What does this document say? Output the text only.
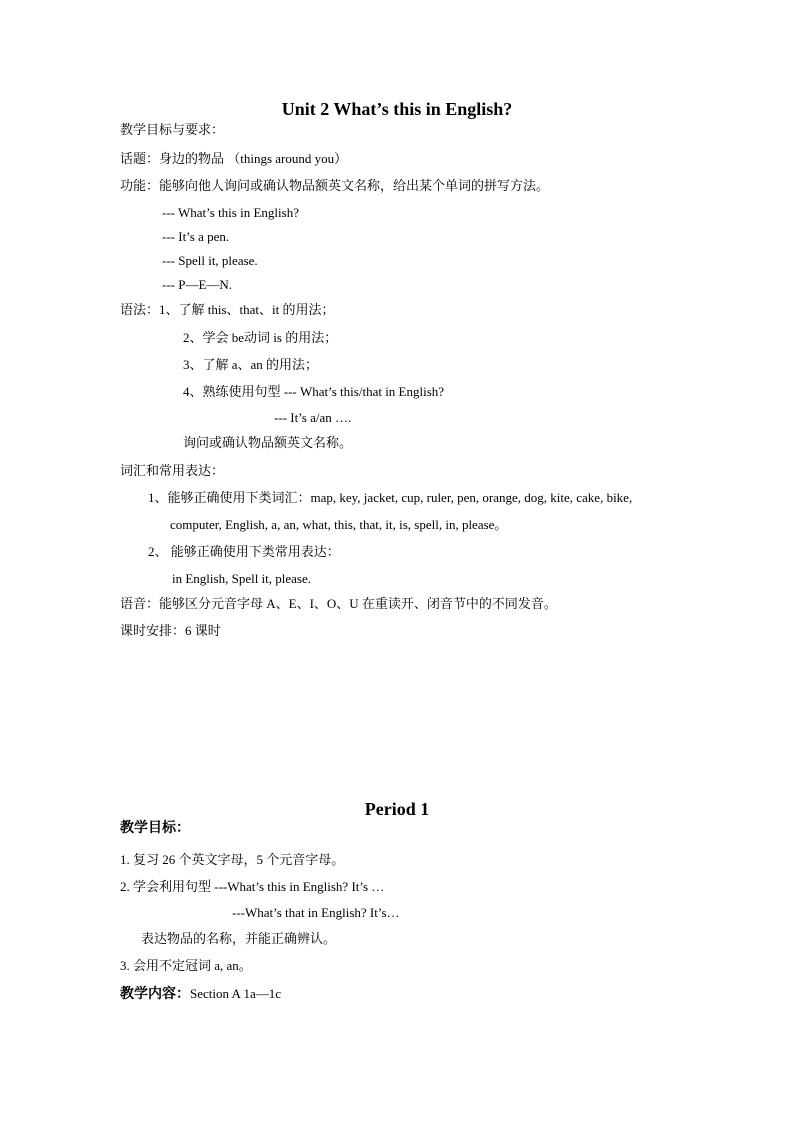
Unit 2 What’s this in English?
教学目标与要求：
话题：身边的物品 （things around you）
功能：能够向他人询问或确认物品额英文名称，给出某个单词的拼写方法。
--- What’s this in English?
--- It’s a pen.
--- Spell it, please.
--- P—E—N.
语法：1、了解 this、that、it 的用法；
2、学会 be动词 is 的用法；
3、了解 a、an 的用法；
4、熟练使用句型 --- What’s this/that in English?
--- It’s a/an ….
询问或确认物品额英文名称。
词汇和常用表达：
1、能够正确使用下类词汇：map, key, jacket, cup, ruler, pen, orange, dog, kite, cake, bike,
computer, English, a, an, what, this, that, it, is, spell, in, please。
2、 能够正确使用下类常用表达：
in English, Spell it, please.
语音：能够区分元音字母 A、E、I、O、U 在重读开、闭音节中的不同发音。
课时安排：6 课时
Period 1
教学目标：
1. 复习 26 个英文字母，5 个元音字母。
2. 学会利用句型 ---What’s this in English? It’s …
---What’s that in English? It’s…
表达物品的名称，并能正确辨认。
3. 会用不定冠词 a, an。
教学内容：Section A 1a—1c
